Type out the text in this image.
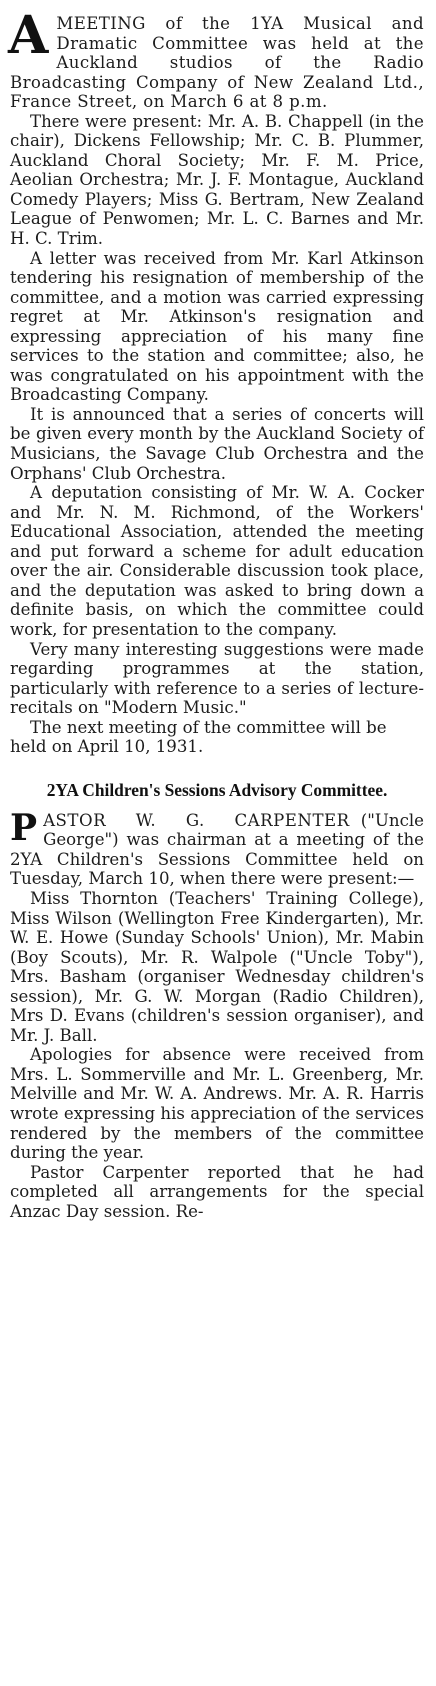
AMEETING of the 1YA Musical and Dramatic Committee was held at the Auckland studios of the Radio Broadcasting Company of New Zealand Ltd., France Street, on March 6 at 8 p.m.

There were present: Mr. A. B. Chappell (in the chair), Dickens Fellowship; Mr. C. B. Plummer, Auckland Choral Society; Mr. F. M. Price, Aeolian Orchestra; Mr. J. F. Montague, Auckland Comedy Players; Miss G. Bertram, New Zealand League of Penwomen; Mr. L. C. Barnes and Mr. H. C. Trim.

A letter was received from Mr. Karl Atkinson tendering his resignation of membership of the committee, and a motion was carried expressing regret at Mr. Atkinson's resignation and expressing appreciation of his many fine services to the station and committee; also, he was congratulated on his appointment with the Broadcasting Company.

It is announced that a series of concerts will be given every month by the Auckland Society of Musicians, the Savage Club Orchestra and the Orphans' Club Orchestra.

A deputation consisting of Mr. W. A. Cocker and Mr. N. M. Richmond, of the Workers' Educational Association, attended the meeting and put forward a scheme for adult education over the air. Considerable discussion took place, and the deputation was asked to bring down a definite basis, on which the committee could work, for presentation to the company.

Very many interesting suggestions were made regarding programmes at the station, particularly with reference to a series of lecture-recitals on "Modern Music."

The next meeting of the committee will be held on April 10, 1931.

2YA Children's Sessions Advisory Committee.

PASTOR W. G. CARPENTER ("Uncle George") was chairman at a meeting of the 2YA Children's Sessions Committee held on Tuesday, March 10, when there were present:—

Miss Thornton (Teachers' Training College), Miss Wilson (Wellington Free Kindergarten), Mr. W. E. Howe (Sunday Schools' Union), Mr. Mabin (Boy Scouts), Mr. R. Walpole ("Uncle Toby"), Mrs. Basham (organiser Wednesday children's session), Mr. G. W. Morgan (Radio Children), Mrs D. Evans (children's session organiser), and Mr. J. Ball.

Apologies for absence were received from Mrs. L. Sommerville and Mr. L. Greenberg, Mr. Melville and Mr. W. A. Andrews. Mr. A. R. Harris wrote expressing his appreciation of the services rendered by the members of the committee during the year.

Pastor Carpenter reported that he had completed all arrangements for the special Anzac Day session. Re-
